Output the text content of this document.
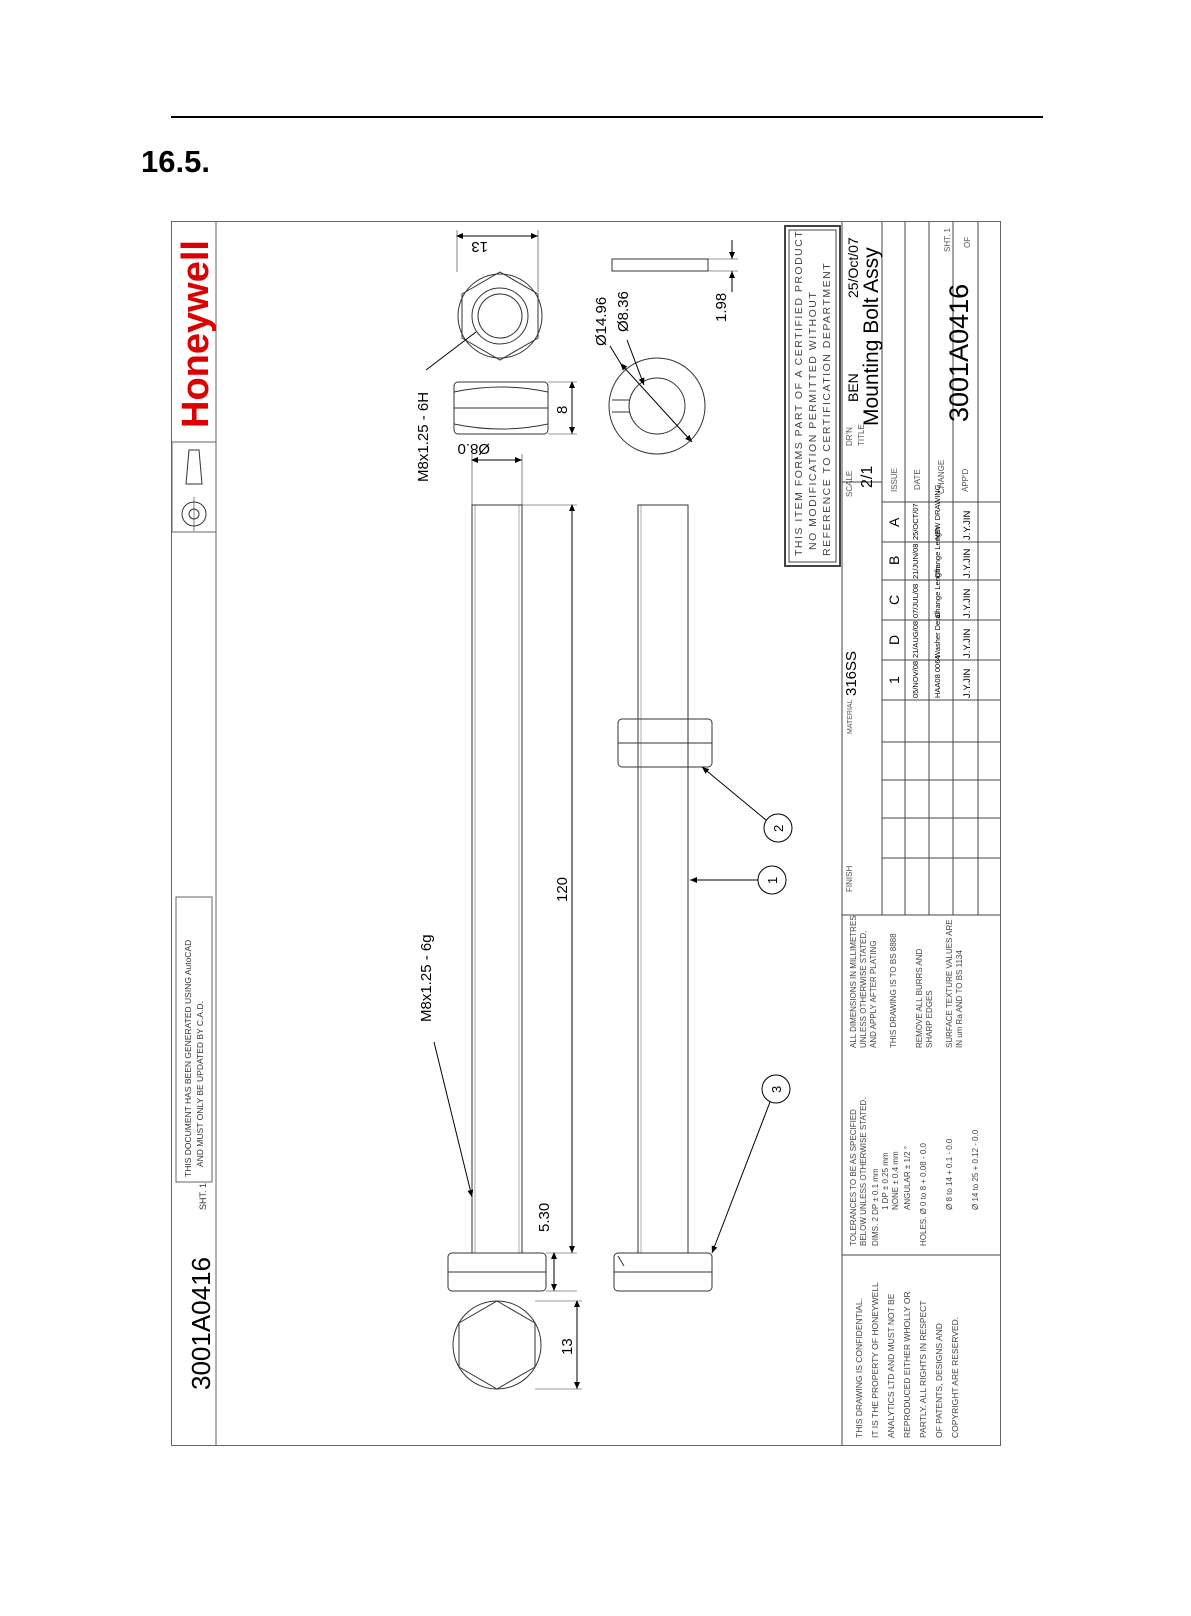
16.5.
Honeywell
3001A0416
SHT. 1
THIS DOCUMENT HAS BEEN GENERATED USING AutoCAD AND MUST ONLY BE UPDATED BY C.A.D.
13
M8x1.25 - 6H	8
Ø14.96 Ø8.36	1.98
Ø8.0
120
5.30
M8x1.25 - 6g
13
1
2
3
THIS ITEM FORMS PART OF A CERTIFIED PRODUCT NO MODIFICATION PERMITTED WITHOUT REFERENCE TO CERTIFICATION DEPARTMENT SCALE 2/1
DR'N
BEN
25/Oct/07
TITLE
Mounting Bolt Assy 3001A0416
SHT. 1 OF
ISSUE DATE CHANGE APP'D
MATERIAL
316SS
FINISH
A 25/OCT/07 NEW DRAWING J.Y.JIN
B 21/JUN/08 Change Length J.Y.JIN
C 07/JUL/08 Change Length J.Y.JIN
D 21/AUG/08 Washer Detail J.Y.JIN
1 05/NOV/08 HAA08 0064 J.Y.JIN
ALL DIMENSIONS IN MILLIMETRES UNLESS OTHERWISE STATED, AND APPLY AFTER PLATING THIS DRAWING IS TO BS 8888 REMOVE ALL BURRS AND SHARP EDGES SURFACE TEXTURE VALUES ARE IN um Ra AND TO BS 1134
TOLERANCES TO BE AS SPECIFIED BELOW UNLESS OTHERWISE STATED. DIMS. 2 DP ± 0.1 mm 1 DP ± 0.25 mm NONE ± 0.4 mm ANGULAR ± 1/2 ° HOLES. Ø 0 to 8 + 0.08 - 0.0 Ø 8 to 14 + 0.1 - 0.0 Ø 14 to 25 + 0.12 - 0.0
THIS DRAWING IS CONFIDENTIAL. IT IS THE PROPERTY OF HONEYWELL ANALYTICS LTD AND MUST NOT BE REPRODUCED EITHER WHOLLY OR PARTLY. ALL RIGHTS IN RESPECT OF PATENTS, DESIGNS AND COPYRIGHT ARE RESERVED.
